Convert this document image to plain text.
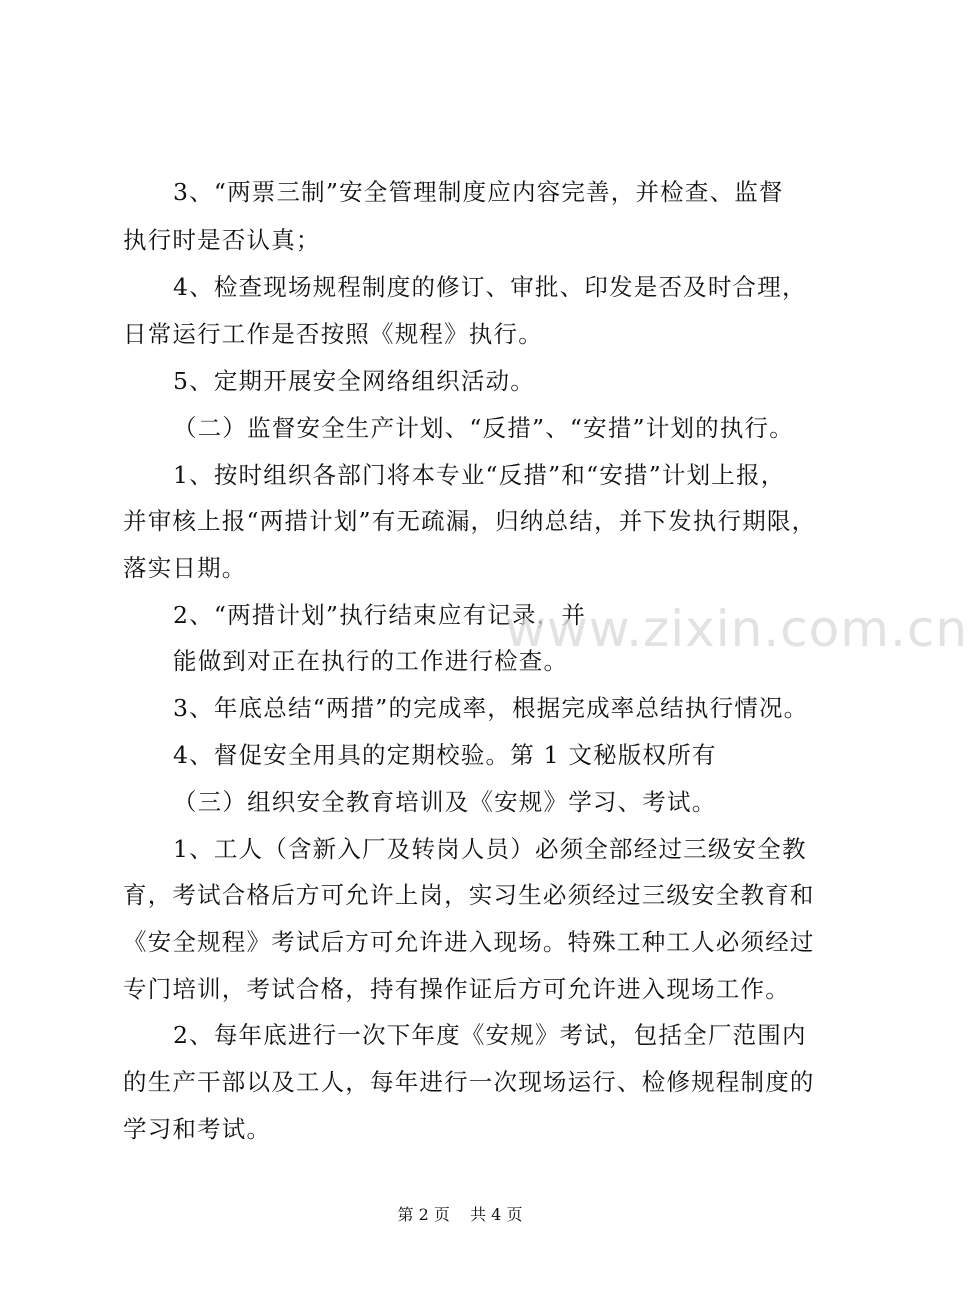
3、“两票三制”安全管理制度应内容完善，并检查、监督
执行时是否认真；
4、检查现场规程制度的修订、审批、印发是否及时合理，
日常运行工作是否按照《规程》执行。
5、定期开展安全网络组织活动。
（二）监督安全生产计划、“反措”、“安措”计划的执行。
1、按时组织各部门将本专业“反措”和“安措”计划上报，
并审核上报“两措计划”有无疏漏，归纳总结，并下发执行期限，
落实日期。
2、“两措计划”执行结束应有记录，并
能做到对正在执行的工作进行检查。
3、年底总结“两措”的完成率，根据完成率总结执行情况。
4、督促安全用具的定期校验。第 1 文秘版权所有
（三）组织安全教育培训及《安规》学习、考试。
1、工人（含新入厂及转岗人员）必须全部经过三级安全教
育，考试合格后方可允许上岗，实习生必须经过三级安全教育和
《安全规程》考试后方可允许进入现场。特殊工种工人必须经过
专门培训，考试合格，持有操作证后方可允许进入现场工作。
2、每年底进行一次下年度《安规》考试，包括全厂范围内
的生产干部以及工人，每年进行一次现场运行、检修规程制度的
学习和考试。
www.zixin.com.cn
第 2 页 共 4 页
